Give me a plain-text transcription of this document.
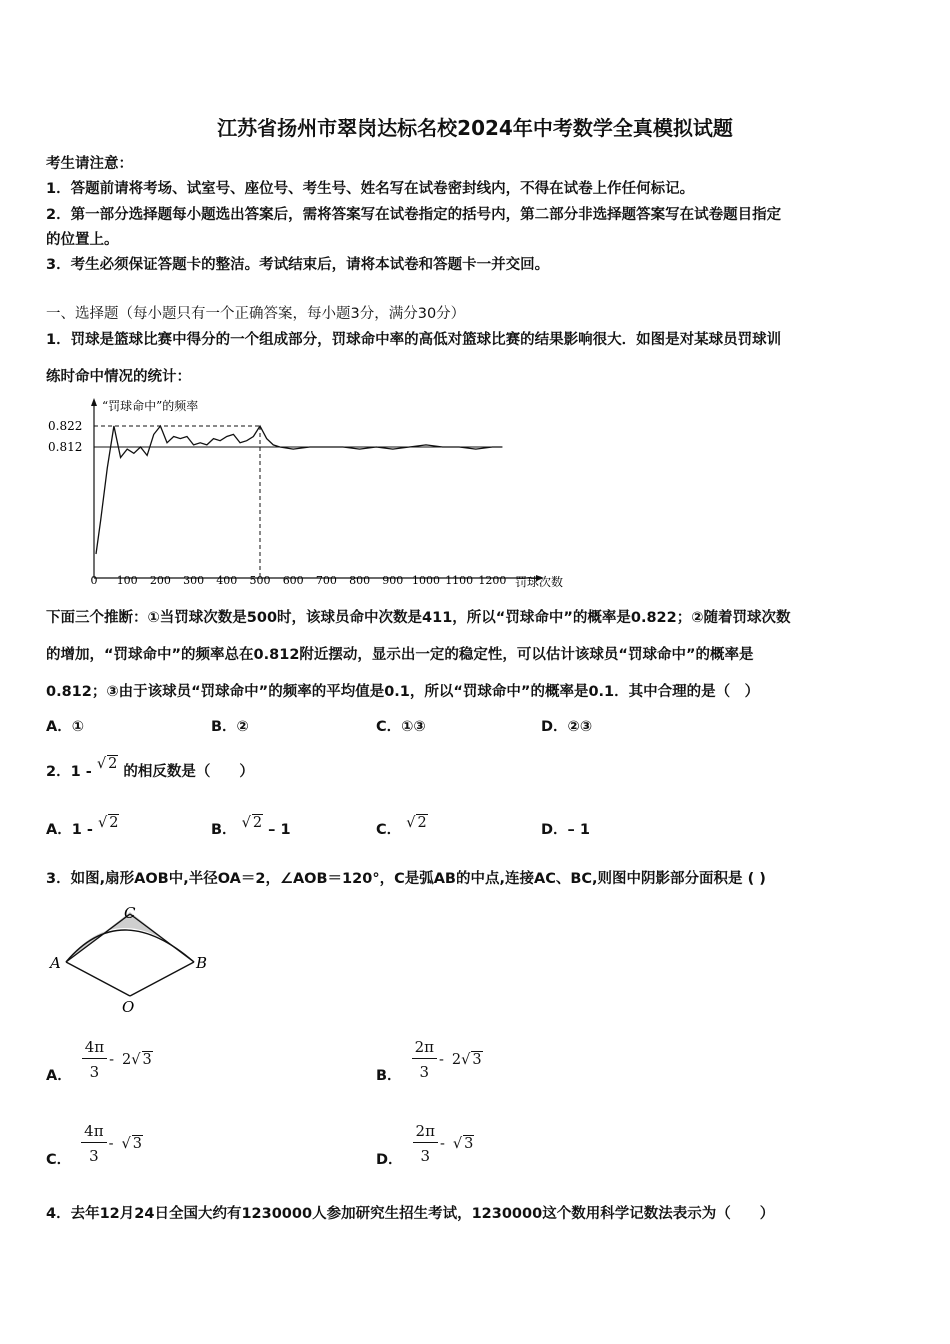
江苏省扬州市翠岗达标名校2024年中考数学全真模拟试题
考生请注意：
1．答题前请将考场、试室号、座位号、考生号、姓名写在试卷密封线内，不得在试卷上作任何标记。
2．第一部分选择题每小题选出答案后，需将答案写在试卷指定的括号内，第二部分非选择题答案写在试卷题目指定
的位置上。
3．考生必须保证答题卡的整洁。考试结束后，请将本试卷和答题卡一并交回。
一、选择题（每小题只有一个正确答案，每小题3分，满分30分）
1．罚球是篮球比赛中得分的一个组成部分，罚球命中率的高低对篮球比赛的结果影响很大．如图是对某球员罚球训
练时命中情况的统计：
“罚球命中”的频率
罚球次数
0.822
0.812
0 100 200 300 400 500 600 700 800 900 1000 1100 1200
下面三个推断：①当罚球次数是500时，该球员命中次数是411，所以“罚球命中”的概率是0.822；②随着罚球次数
的增加，“罚球命中”的频率总在0.812附近摆动，显示出一定的稳定性，可以估计该球员“罚球命中”的概率是
0.812；③由于该球员“罚球命中”的频率的平均值是0.1，所以“罚球命中”的概率是0.1．其中合理的是（　）
A．①	B．②	C．①③	D．②③
2．1 - √ 2 的相反数是（　　）
A．1 - √ 2	B． √ 2 – 1	C． √ 2	D．– 1
3．如图,扇形AOB中,半径OA＝2，∠AOB＝120°，C是弧AB的中点,连接AC、BC,则图中阴影部分面积是 ( )
A	B
C
O
A． $\frac{4\pi}{3} - 2$ √ 3
B． $\frac{2\pi}{3} - 2$ √ 3
C． $\frac{4\pi}{3}$ - √ 3
D． $\frac{2\pi}{3}$ - √ 3
4．去年12月24日全国大约有1230000人参加研究生招生考试，1230000这个数用科学记数法表示为（　　）
